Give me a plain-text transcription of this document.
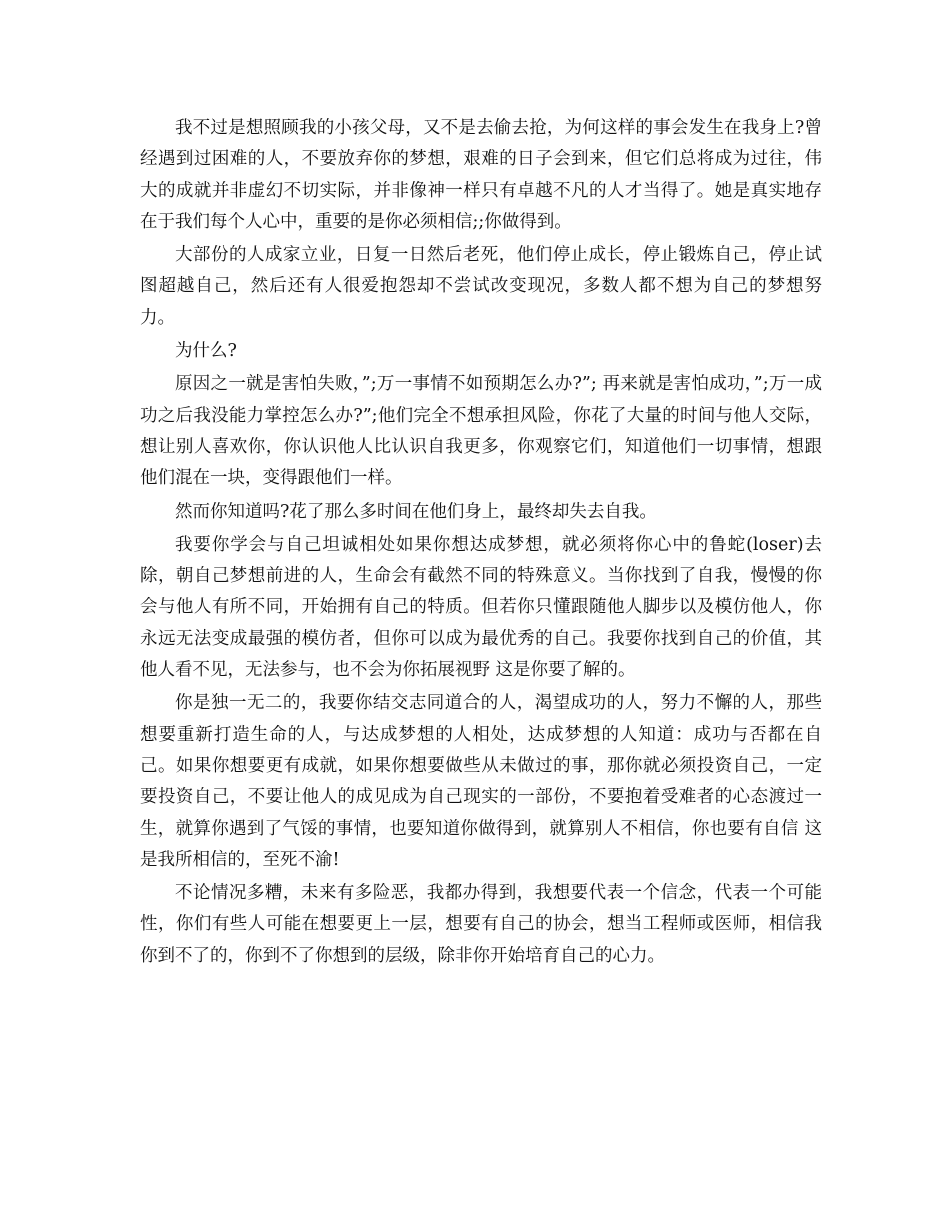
我不过是想照顾我的小孩父母，又不是去偷去抢，为何这样的事会发生在我身上?曾经遇到过困难的人，不要放弃你的梦想，艰难的日子会到来，但它们总将成为过往，伟大的成就并非虚幻不切实际，并非像神一样只有卓越不凡的人才当得了。她是真实地存在于我们每个人心中，重要的是你必须相信;;你做得到。

大部份的人成家立业，日复一日然后老死，他们停止成长，停止锻炼自己，停止试图超越自己，然后还有人很爱抱怨却不尝试改变现况，多数人都不想为自己的梦想努力。

为什么?

原因之一就是害怕失败，”;万一事情不如预期怎么办?”; 再来就是害怕成功，”;万一成功之后我没能力掌控怎么办?”;他们完全不想承担风险，你花了大量的时间与他人交际，想让别人喜欢你，你认识他人比认识自我更多，你观察它们，知道他们一切事情，想跟他们混在一块，变得跟他们一样。

然而你知道吗?花了那么多时间在他们身上，最终却失去自我。

我要你学会与自己坦诚相处如果你想达成梦想，就必须将你心中的鲁蛇(loser)去除，朝自己梦想前进的人，生命会有截然不同的特殊意义。当你找到了自我，慢慢的你会与他人有所不同，开始拥有自己的特质。但若你只懂跟随他人脚步以及模仿他人，你永远无法变成最强的模仿者，但你可以成为最优秀的自己。我要你找到自己的价值，其他人看不见，无法参与，也不会为你拓展视野 这是你要了解的。

你是独一无二的，我要你结交志同道合的人，渴望成功的人，努力不懈的人，那些想要重新打造生命的人，与达成梦想的人相处，达成梦想的人知道：成功与否都在自己。如果你想要更有成就，如果你想要做些从未做过的事，那你就必须投资自己，一定要投资自己，不要让他人的成见成为自己现实的一部份，不要抱着受难者的心态渡过一生，就算你遇到了气馁的事情，也要知道你做得到，就算别人不相信，你也要有自信 这是我所相信的，至死不渝!

不论情况多糟，未来有多险恶，我都办得到，我想要代表一个信念，代表一个可能性，你们有些人可能在想要更上一层，想要有自己的协会，想当工程师或医师，相信我你到不了的，你到不了你想到的层级，除非你开始培育自己的心力。
